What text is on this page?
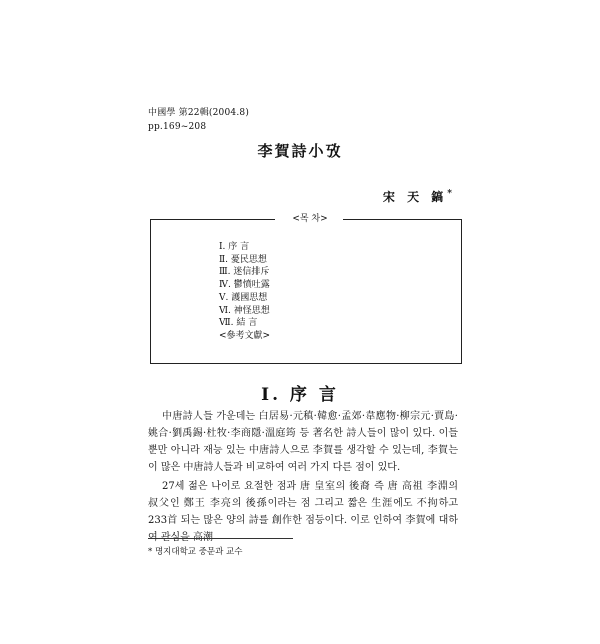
中國學 第22輯(2004.8)
pp.169~208
李賀詩小攷
宋 天 鎬*
<목 차>
Ⅰ. 序 言
Ⅱ. 憂民思想
Ⅲ. 迷信排斥
Ⅳ. 鬱憤吐露
Ⅴ. 護國思想
Ⅵ. 神怪思想
Ⅶ. 結 言
<參考文獻>
Ⅰ. 序 言

中唐詩人들 가운데는 白居易·元稹·韓愈·孟郊·韋應物·柳宗元·賈島·姚合·劉禹錫·杜牧·李商隱·溫庭筠 등 著名한 詩人들이 많이 있다. 이들 뿐만 아니라 재능 있는 中唐詩人으로 李賀를 생각할 수 있는데, 李賀는 이 많은 中唐詩人들과 비교하여 여러 가지 다른 점이 있다.

27세 젊은 나이로 요절한 점과 唐 皇室의 後裔 즉 唐 高祖 李淵의 叔父인 鄭王 李亮의 後孫이라는 점 그리고 짧은 生涯에도 不拘하고 233首 되는 많은 양의 詩를 創作한 점등이다. 이로 인하여 李賀에 대하

* 명지대학교 중문과 교수
